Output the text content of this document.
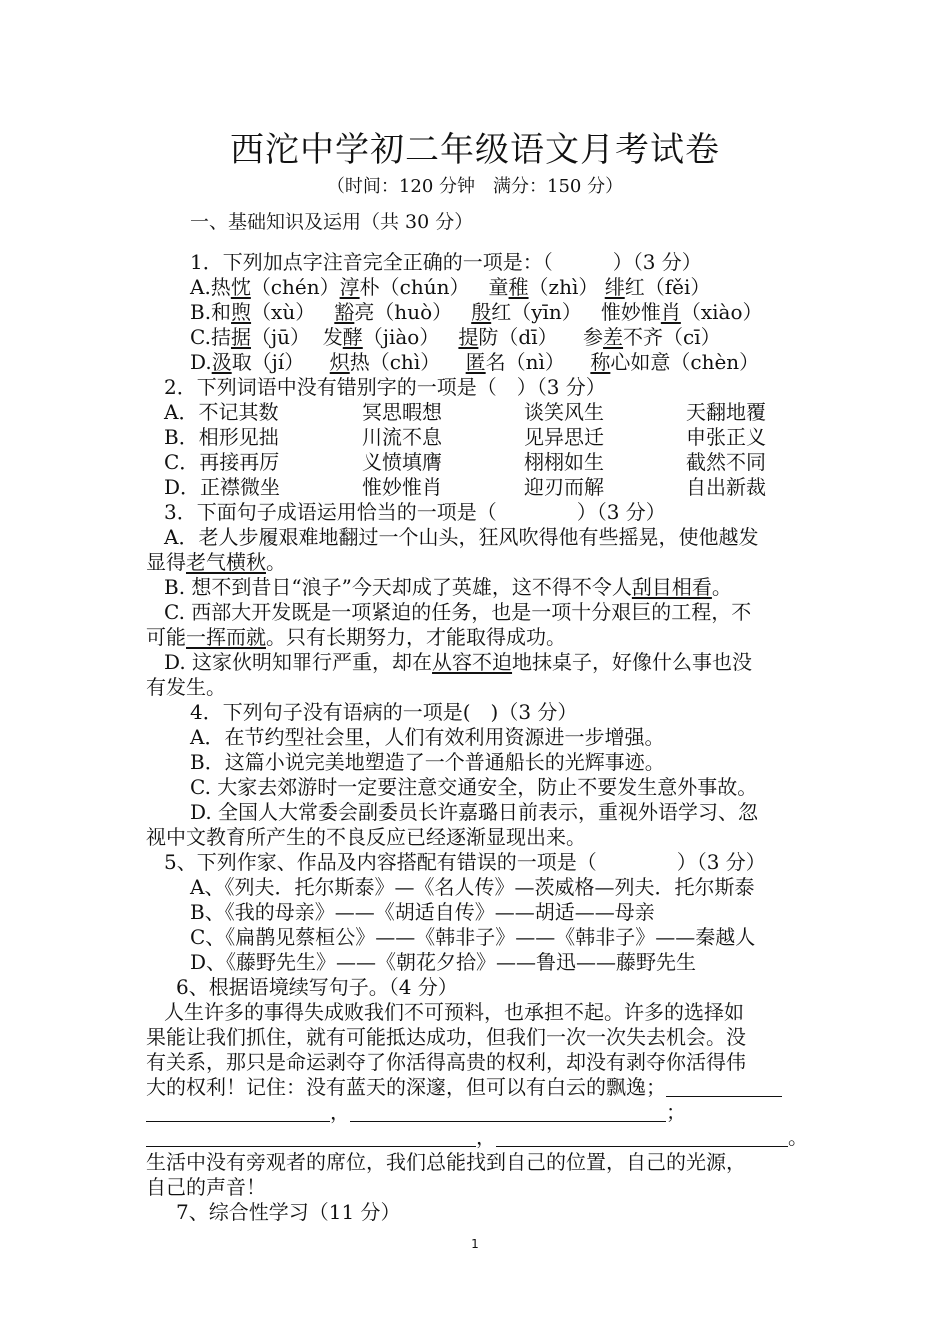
西沱中学初二年级语文月考试卷
（时间：120 分钟　满分：150 分）
一、基础知识及运用（共 30 分）
1．下列加点字注音完全正确的一项是：（　　　）（3 分）
A.热忱（chén）淳朴（chún） 童稚（zhì） 绯红（fěi）
B.和煦（xù） 豁亮（huò） 殷红（yīn） 惟妙惟肖（xiào）
C.拮据（jū） 发酵（jiào） 提防（dī） 参差不齐（cī）
D.汲取（jí） 炽热（chì） 匿名（nì） 称心如意（chèn）
2．下列词语中没有错别字的一项是（　）（3 分）
A．不记其数	冥思暇想	谈笑风生	天翻地覆
B．相形见拙	川流不息	见异思迁	申张正义
C．再接再厉	义愤填膺	栩栩如生	截然不同
D．正襟微坐	惟妙惟肖	迎刃而解	自出新裁
3．下面句子成语运用恰当的一项是（　　　　）（3 分）
A．老人步履艰难地翻过一个山头，狂风吹得他有些摇晃，使他越发
显得老气横秋。
B. 想不到昔日“浪子”今天却成了英雄，这不得不令人刮目相看。
C. 西部大开发既是一项紧迫的任务，也是一项十分艰巨的工程，不
可能一挥而就。只有长期努力，才能取得成功。
D. 这家伙明知罪行严重，却在从容不迫地抹桌子，好像什么事也没
有发生。
4．下列句子没有语病的一项是(　)（3 分）
A．在节约型社会里，人们有效利用资源进一步增强。
B．这篇小说完美地塑造了一个普通船长的光辉事迹。
C. 大家去郊游时一定要注意交通安全，防止不要发生意外事故。
D. 全国人大常委会副委员长许嘉璐日前表示，重视外语学习、忽
视中文教育所产生的不良反应已经逐渐显现出来。
5、下列作家、作品及内容搭配有错误的一项是（　　　　）（3 分）
A、《列夫．托尔斯泰》—《名人传》—茨威格—列夫．托尔斯泰
B、《我的母亲》——《胡适自传》——胡适——母亲
C、《扁鹊见蔡桓公》——《韩非子》——《韩非子》——秦越人
D、《藤野先生》——《朝花夕拾》——鲁迅——藤野先生
6、根据语境续写句子。（4 分）
人生许多的事得失成败我们不可预料，也承担不起。许多的选择如
果能让我们抓住，就有可能抵达成功，但我们一次一次失去机会。没
有关系，那只是命运剥夺了你活得高贵的权利，却没有剥夺你活得伟
大的权利！记住：没有蓝天的深邃，但可以有白云的飘逸；
，	；
，	。
生活中没有旁观者的席位，我们总能找到自己的位置，自己的光源，
自己的声音！
7、综合性学习（11 分）
1
